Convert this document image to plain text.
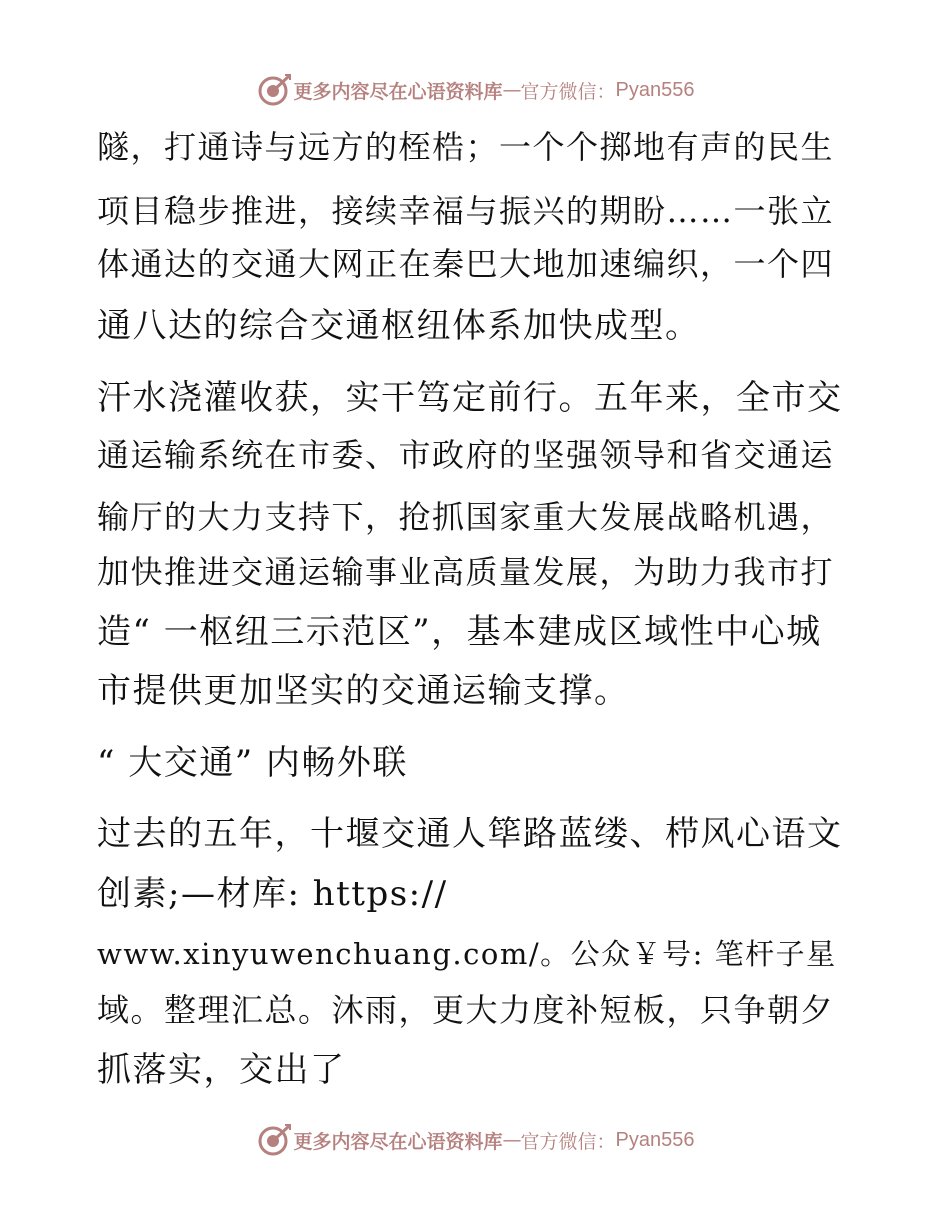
更多内容尽在心语资料库 — 官方微信： Pyan556
隧，打通诗与远方的桎梏；一个个掷地有声的民生
项目稳步推进，接续幸福与振兴的期盼……一张立
体通达的交通大网正在秦巴大地加速编织，一个四
通八达的综合交通枢纽体系加快成型。
汗水浇灌收获，实干笃定前行。五年来，全市交
通运输系统在市委、市政府的坚强领导和省交通运
输厅的大力支持下，抢抓国家重大发展战略机遇，
加快推进交通运输事业高质量发展，为助力我市打
造“ 一枢纽三示范区”，基本建成区域性中心城
市提供更加坚实的交通运输支撑。
“ 大交通” 内畅外联
过去的五年，十堰交通人筚路蓝缕、栉风心语文
创素;—材库: https://
www.xinyuwenchuang.com/。公众￥号: 笔杆子星
域。整理汇总。沐雨，更大力度补短板，只争朝夕
抓落实，交出了
更多内容尽在心语资料库 — 官方微信： Pyan556
